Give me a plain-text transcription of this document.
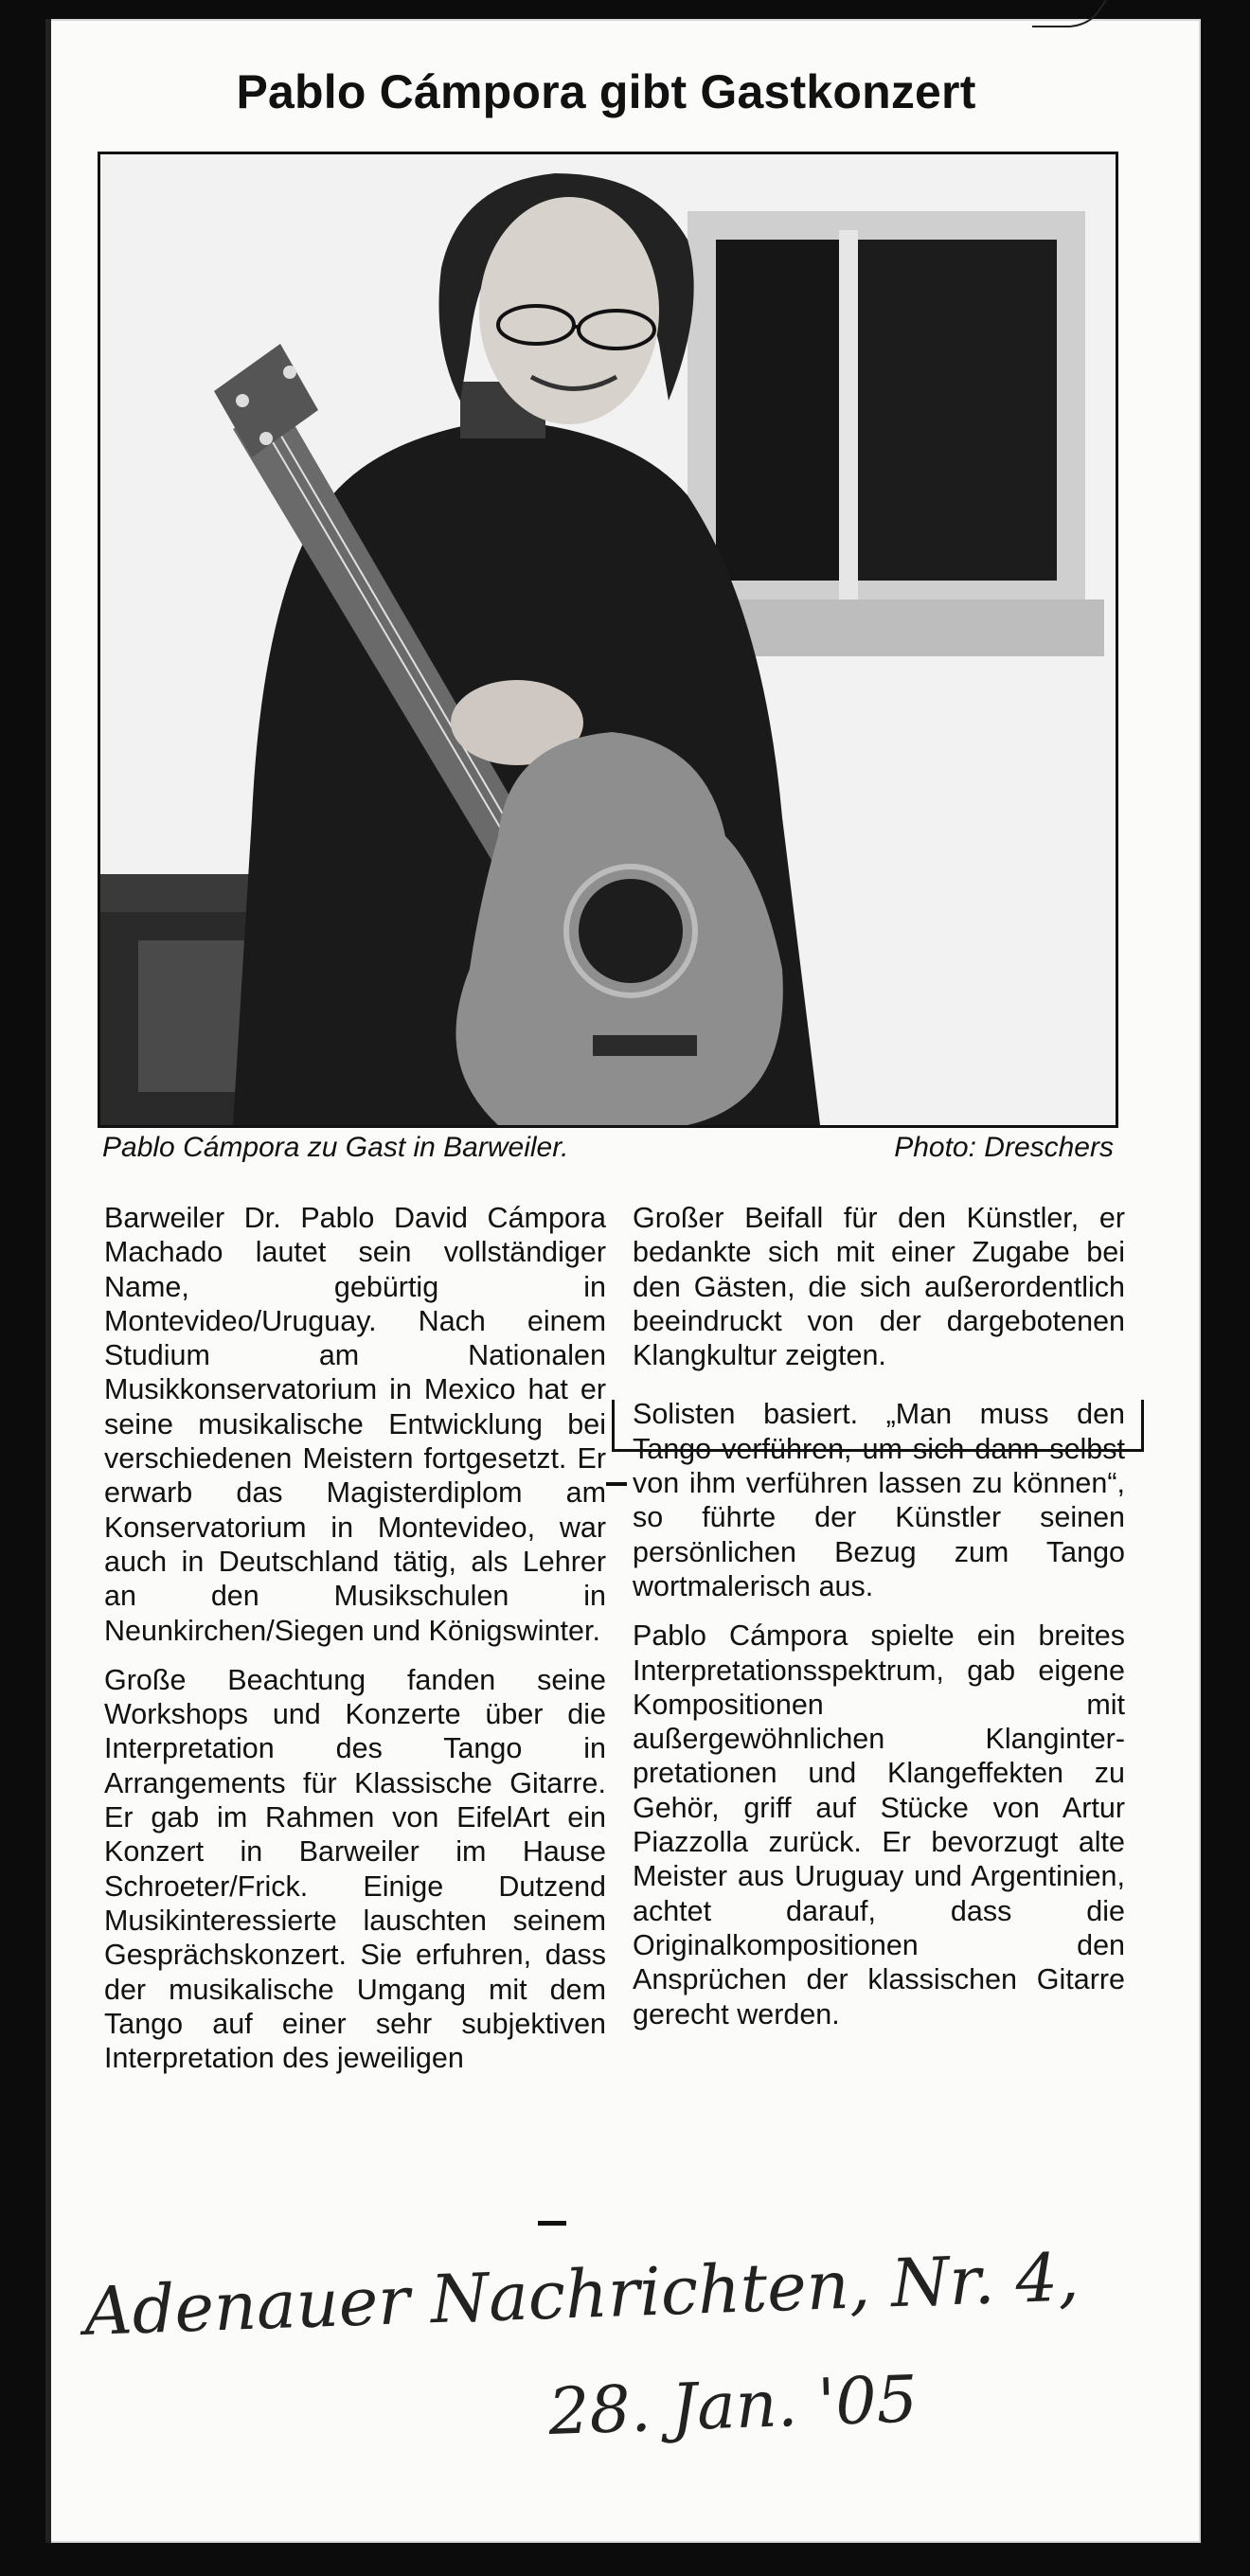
Pablo Cámpora gibt Gastkonzert
Pablo Cámpora zu Gast in Barweiler.	Photo: Dreschers

Barweiler Dr. Pablo David Cámpora Machado lautet sein vollständiger Name, gebürtig in Montevideo/Uruguay. Nach einem Studium am Nationalen Musikkonservatorium in Mexico hat er seine musikalische Entwicklung bei verschiedenen Meistern fortgesetzt. Er erwarb das Magisterdiplom am Konservatorium in Montevideo, war auch in Deutschland tätig, als Lehrer an den Musikschulen in Neunkirchen/Siegen und Königswinter.

Große Beachtung fanden seine Workshops und Konzerte über die Interpretation des Tango in Arrangements für Klassische Gitarre. Er gab im Rahmen von EifelArt ein Konzert in Barweiler im Hause Schroeter/Frick. Einige Dutzend Musikinteressierte lauschten seinem Gesprächskonzert. Sie erfuhren, dass der musikalische Umgang mit dem Tango auf einer sehr subjektiven Interpretation des jeweiligen

Großer Beifall für den Künstler, er bedankte sich mit einer Zugabe bei den Gästen, die sich außerordentlich beeindruckt von der dargebotenen Klangkultur zeigten.

Solisten basiert. „Man muss den Tango verführen, um sich dann selbst von ihm verführen lassen zu können“, so führte der Künstler seinen persönlichen Bezug zum Tango wortmalerisch aus.

Pablo Cámpora spielte ein breites Interpretationsspektrum, gab eigene Kompositionen mit außergewöhnlichen Klanginterpretationen und Klangeffekten zu Gehör, griff auf Stücke von Artur Piazzolla zurück. Er bevorzugt alte Meister aus Uruguay und Argentinien, achtet darauf, dass die Originalkompositionen den Ansprüchen der klassischen Gitarre gerecht werden.

Adenauer Nachrichten, Nr. 4,
28. Jan. '05
